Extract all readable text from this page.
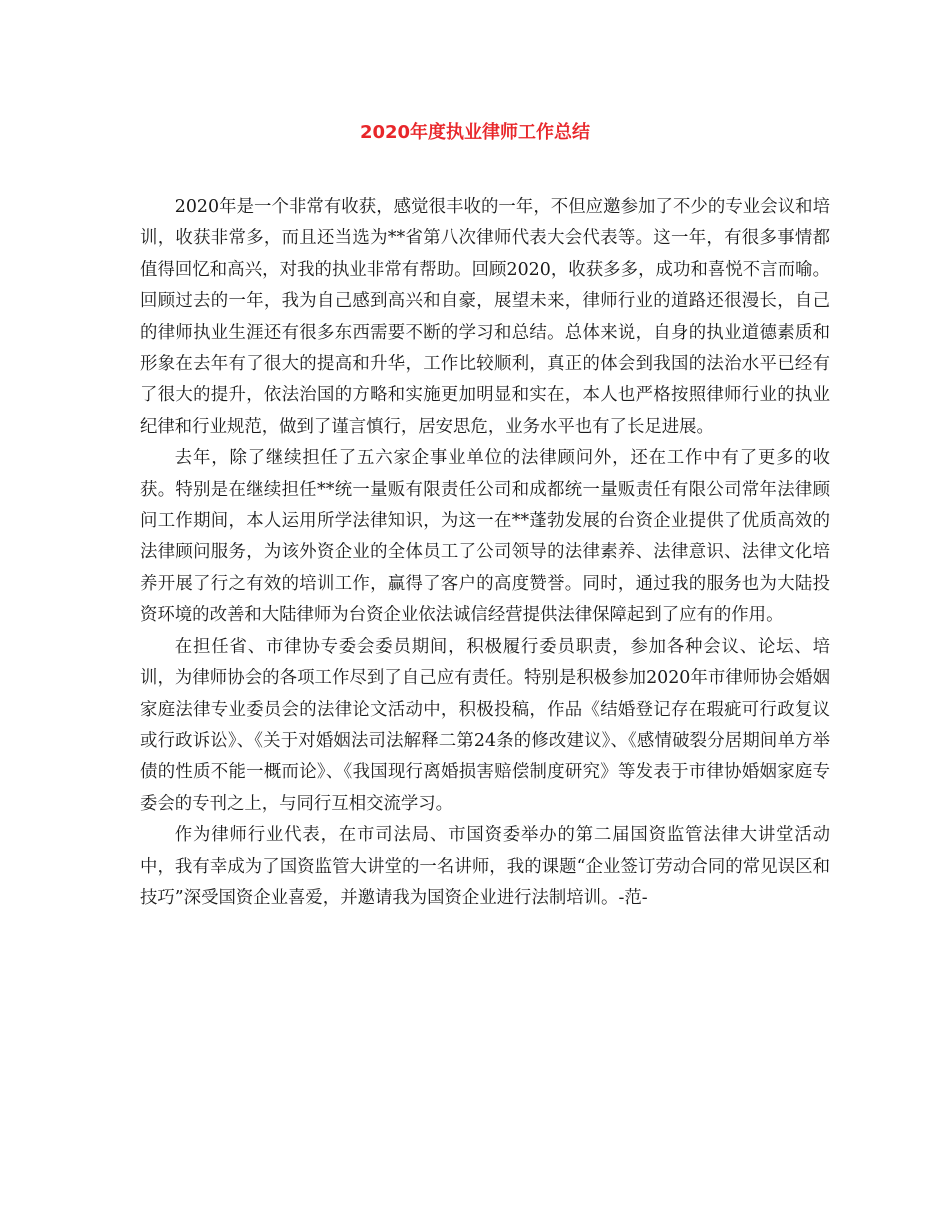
2020年度执业律师工作总结

2020年是一个非常有收获，感觉很丰收的一年，不但应邀参加了不少的专业会议和培训，收获非常多，而且还当选为**省第八次律师代表大会代表等。这一年，有很多事情都值得回忆和高兴，对我的执业非常有帮助。回顾2020，收获多多，成功和喜悦不言而喻。回顾过去的一年，我为自己感到高兴和自豪，展望未来，律师行业的道路还很漫长，自己的律师执业生涯还有很多东西需要不断的学习和总结。总体来说，自身的执业道德素质和形象在去年有了很大的提高和升华，工作比较顺利，真正的体会到我国的法治水平已经有了很大的提升，依法治国的方略和实施更加明显和实在，本人也严格按照律师行业的执业纪律和行业规范，做到了谨言慎行，居安思危，业务水平也有了长足进展。

去年，除了继续担任了五六家企事业单位的法律顾问外，还在工作中有了更多的收获。特别是在继续担任**统一量贩有限责任公司和成都统一量贩责任有限公司常年法律顾问工作期间，本人运用所学法律知识，为这一在**蓬勃发展的台资企业提供了优质高效的法律顾问服务，为该外资企业的全体员工了公司领导的法律素养、法律意识、法律文化培养开展了行之有效的培训工作，赢得了客户的高度赞誉。同时，通过我的服务也为大陆投资环境的改善和大陆律师为台资企业依法诚信经营提供法律保障起到了应有的作用。

在担任省、市律协专委会委员期间，积极履行委员职责，参加各种会议、论坛、培训，为律师协会的各项工作尽到了自己应有责任。特别是积极参加2020年市律师协会婚姻家庭法律专业委员会的法律论文活动中，积极投稿，作品《结婚登记存在瑕疵可行政复议或行政诉讼》、《关于对婚姻法司法解释二第24条的修改建议》、《感情破裂分居期间单方举债的性质不能一概而论》、《我国现行离婚损害赔偿制度研究》等发表于市律协婚姻家庭专委会的专刊之上，与同行互相交流学习。

作为律师行业代表，在市司法局、市国资委举办的第二届国资监管法律大讲堂活动中，我有幸成为了国资监管大讲堂的一名讲师，我的课题“企业签订劳动合同的常见误区和技巧”深受国资企业喜爱，并邀请我为国资企业进行法制培训。-范-
